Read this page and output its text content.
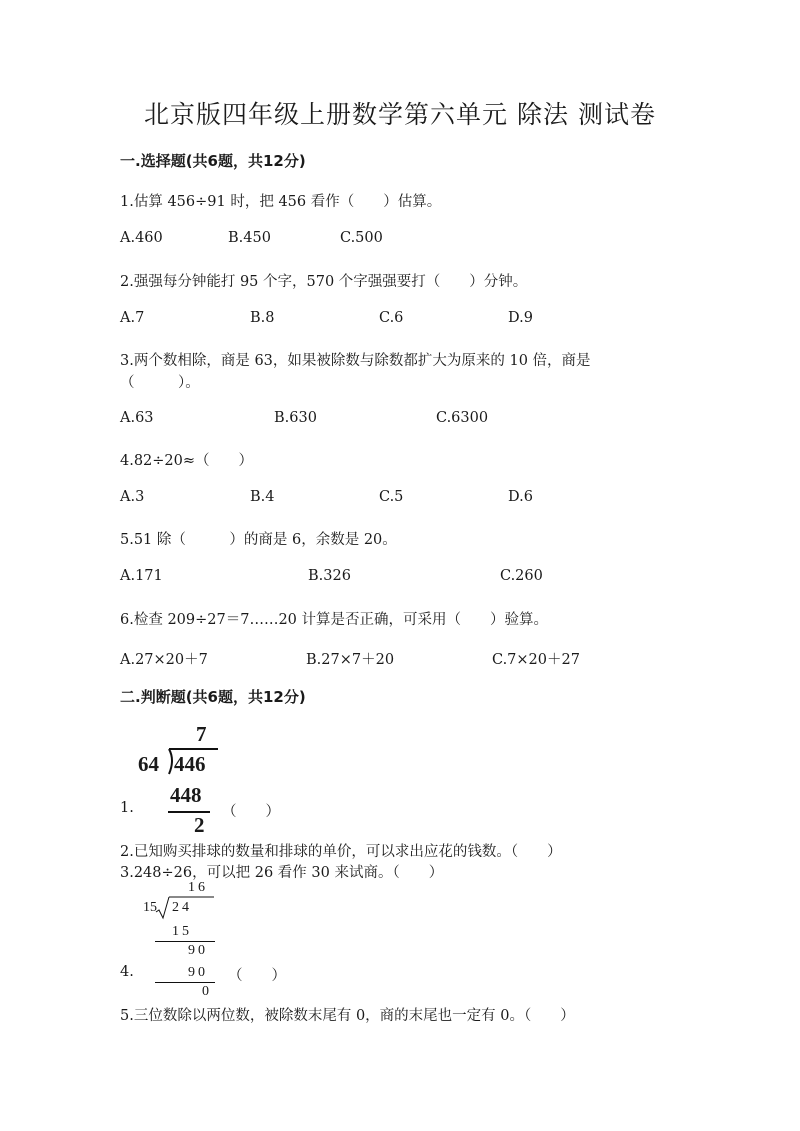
北京版四年级上册数学第六单元 除法 测试卷
一.选择题(共6题，共12分)
1.估算 456÷91 时，把 456 看作（　　）估算。
A.460	B.450	C.500
2.强强每分钟能打 95 个字，570 个字强强要打（　　）分钟。
A.7	B.8	C.6	D.9
3.两个数相除，商是 63，如果被除数与除数都扩大为原来的 10 倍，商是
（　　　）。
A.63	B.630	C.6300
4.82÷20≈（　　）
A.3	B.4	C.5	D.6
5.51 除（　　　）的商是 6，余数是 20。
A.171	B.326	C.260
6.检查 209÷27＝7……20 计算是否正确，可采用（　　）验算。
A.27×20＋7	B.27×7＋20	C.7×20＋27
二.判断题(共6题，共12分)
7
64 446
448
2
1.	（　　）
2.已知购买排球的数量和排球的单价，可以求出应花的钱数。（　　）
3.248÷26，可以把 26 看作 30 来试商。（　　）
16
15 24
15
90
90
0
4.	（　　）
5.三位数除以两位数，被除数末尾有 0，商的末尾也一定有 0。（　　）
